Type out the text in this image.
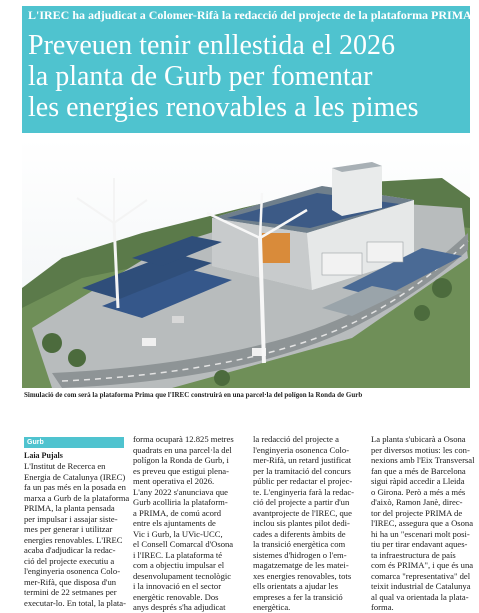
L'IREC ha adjudicat a Colomer-Rifà la redacció del projecte de la plataforma PRIMA
Preveuen tenir enllestida el 2026
la planta de Gurb per fomentar
les energies renovables a les pimes
Simulació de com serà la plataforma Prima que l'IREC construirà en una parcel·la del polígon la Ronda de Gurb
Gurb
Laia Pujals
L'Institut de Recerca en
Energia de Catalunya (IREC)
fa un pas més en la posada en
marxa a Gurb de la plataforma
PRIMA, la planta pensada
per impulsar i assajar siste-
mes per generar i utilitzar
energies renovables. L'IREC
acaba d'adjudicar la redac-
ció del projecte executiu a
l'enginyeria osonenca Colo-
mer-Rifà, que disposa d'un
termini de 22 setmanes per
executar-lo. En total, la plata-
forma ocuparà 12.825 metres
quadrats en una parcel·la del
polígon la Ronda de Gurb, i
es preveu que estigui plena-
ment operativa el 2026.
L'any 2022 s'anunciava que
Gurb acolliria la plataform-
a PRIMA, de comú acord
entre els ajuntaments de
Vic i Gurb, la UVic-UCC,
el Consell Comarcal d'Osona
i l'IREC. La plataforma té
com a objectiu impulsar el
desenvolupament tecnològic
i la innovació en el sector
energètic renovable. Dos
anys després s'ha adjudicat
la redacció del projecte a
l'enginyeria osonenca Colo-
mer-Rifà, un retard justificat
per la tramitació del concurs
públic per redactar el projec-
te. L'enginyeria farà la redac-
ció del projecte a partir d'un
avantprojecte de l'IREC, que
inclou sis plantes pilot dedi-
cades a diferents àmbits de
la transició energètica com
sistemes d'hidrogen o l'em-
magatzematge de les matei-
xes energies renovables, tots
ells orientats a ajudar les
empreses a fer la transició
energètica.
La planta s'ubicarà a Osona
per diversos motius: les con-
nexions amb l'Eix Transversal
fan que a més de Barcelona
sigui ràpid accedir a Lleida
o Girona. Però a més a més
d'això, Ramon Janè, direc-
tor del projecte PRIMA de
l'IREC, assegura que a Osona
hi ha un "escenari molt posi-
tiu per tirar endavant aques-
ta infraestructura de país
com és PRIMA", i que és una
comarca "representativa" del
teixit industrial de Catalunya
al qual va orientada la plata-
forma.
